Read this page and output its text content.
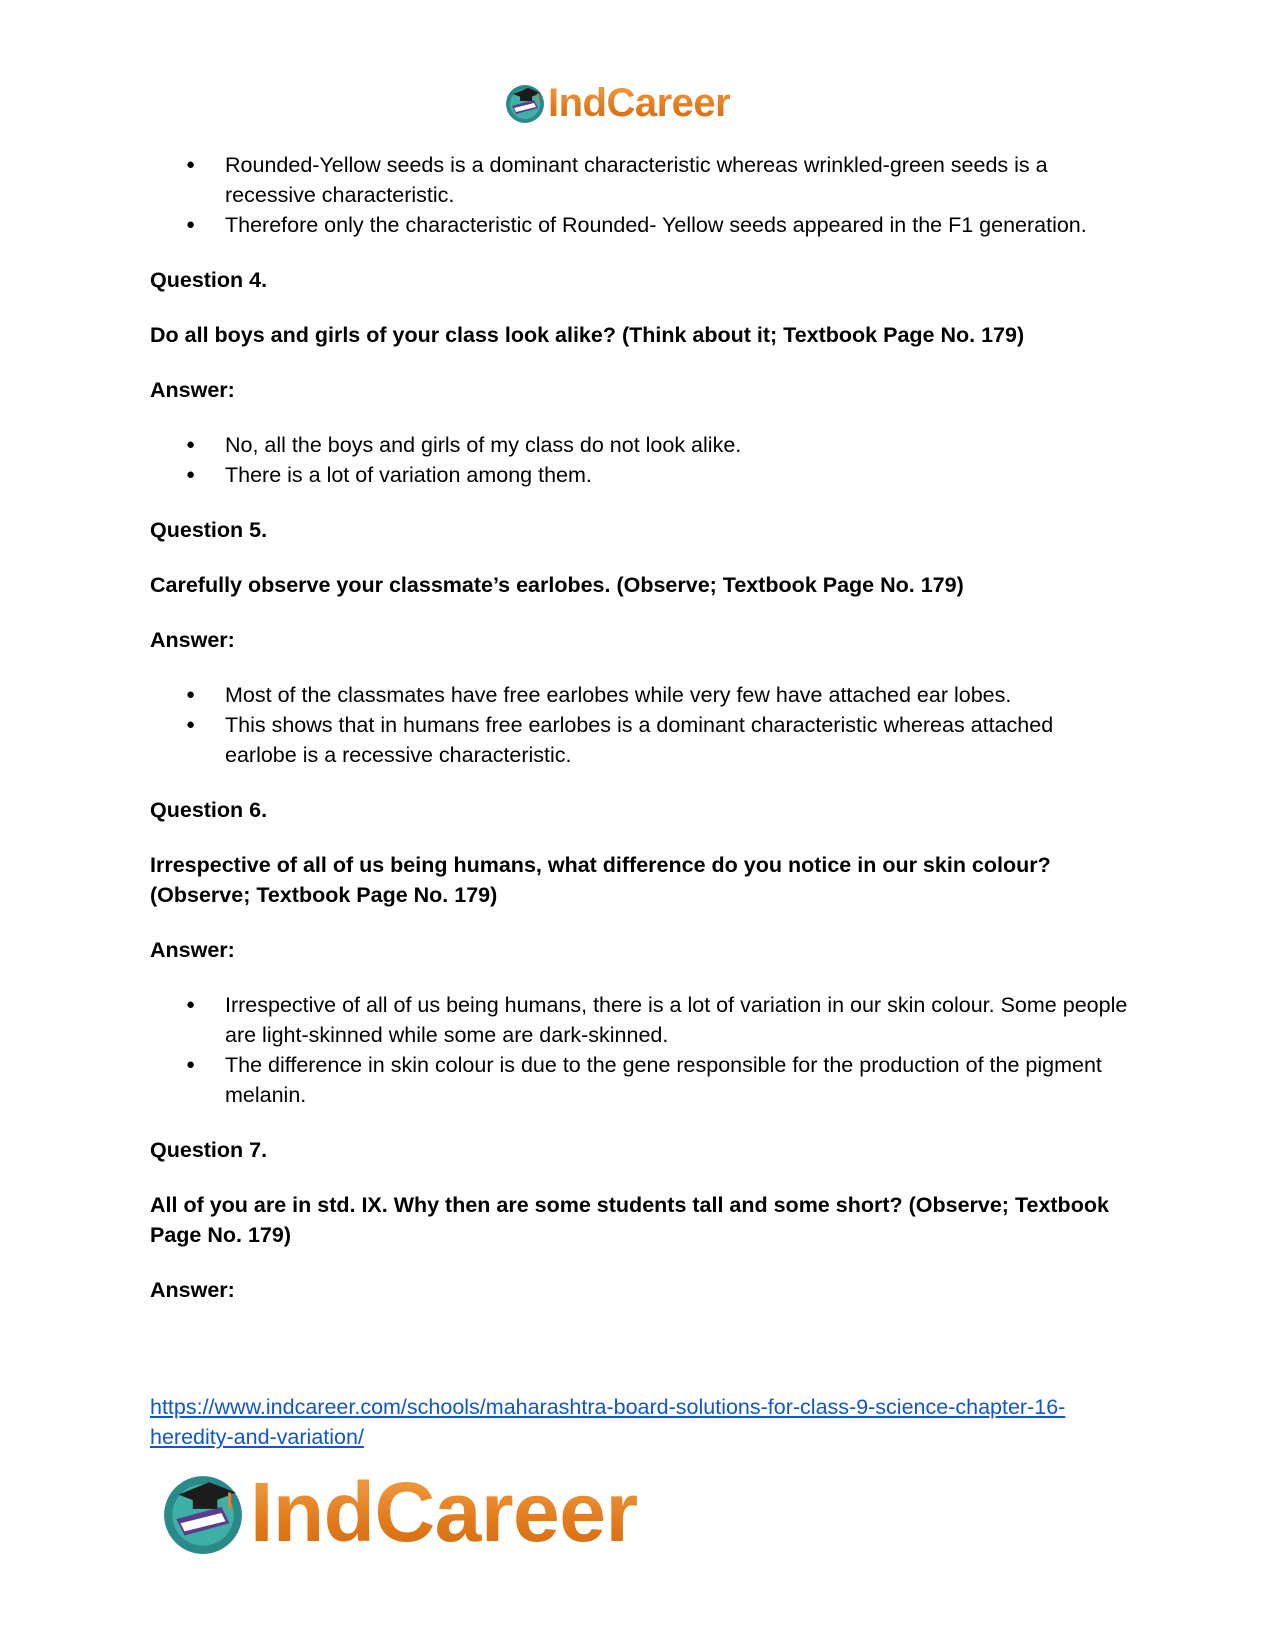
IndCareer
● Rounded-Yellow seeds is a dominant characteristic whereas wrinkled-green seeds is a recessive characteristic.
● Therefore only the characteristic of Rounded- Yellow seeds appeared in the F1 generation.
Question 4.
Do all boys and girls of your class look alike? (Think about it; Textbook Page No. 179)
Answer:
● No, all the boys and girls of my class do not look alike.
● There is a lot of variation among them.
Question 5.
Carefully observe your classmate’s earlobes. (Observe; Textbook Page No. 179)
Answer:
● Most of the classmates have free earlobes while very few have attached ear lobes.
● This shows that in humans free earlobes is a dominant characteristic whereas attached earlobe is a recessive characteristic.
Question 6.
Irrespective of all of us being humans, what difference do you notice in our skin colour? (Observe; Textbook Page No. 179)
Answer:
● Irrespective of all of us being humans, there is a lot of variation in our skin colour. Some people are light-skinned while some are dark-skinned.
● The difference in skin colour is due to the gene responsible for the production of the pigment melanin.
Question 7.
All of you are in std. IX. Why then are some students tall and some short? (Observe; Textbook Page No. 179)
Answer:
https://www.indcareer.com/schools/maharashtra-board-solutions-for-class-9-science-chapter-16-heredity-and-variation/
IndCareer
